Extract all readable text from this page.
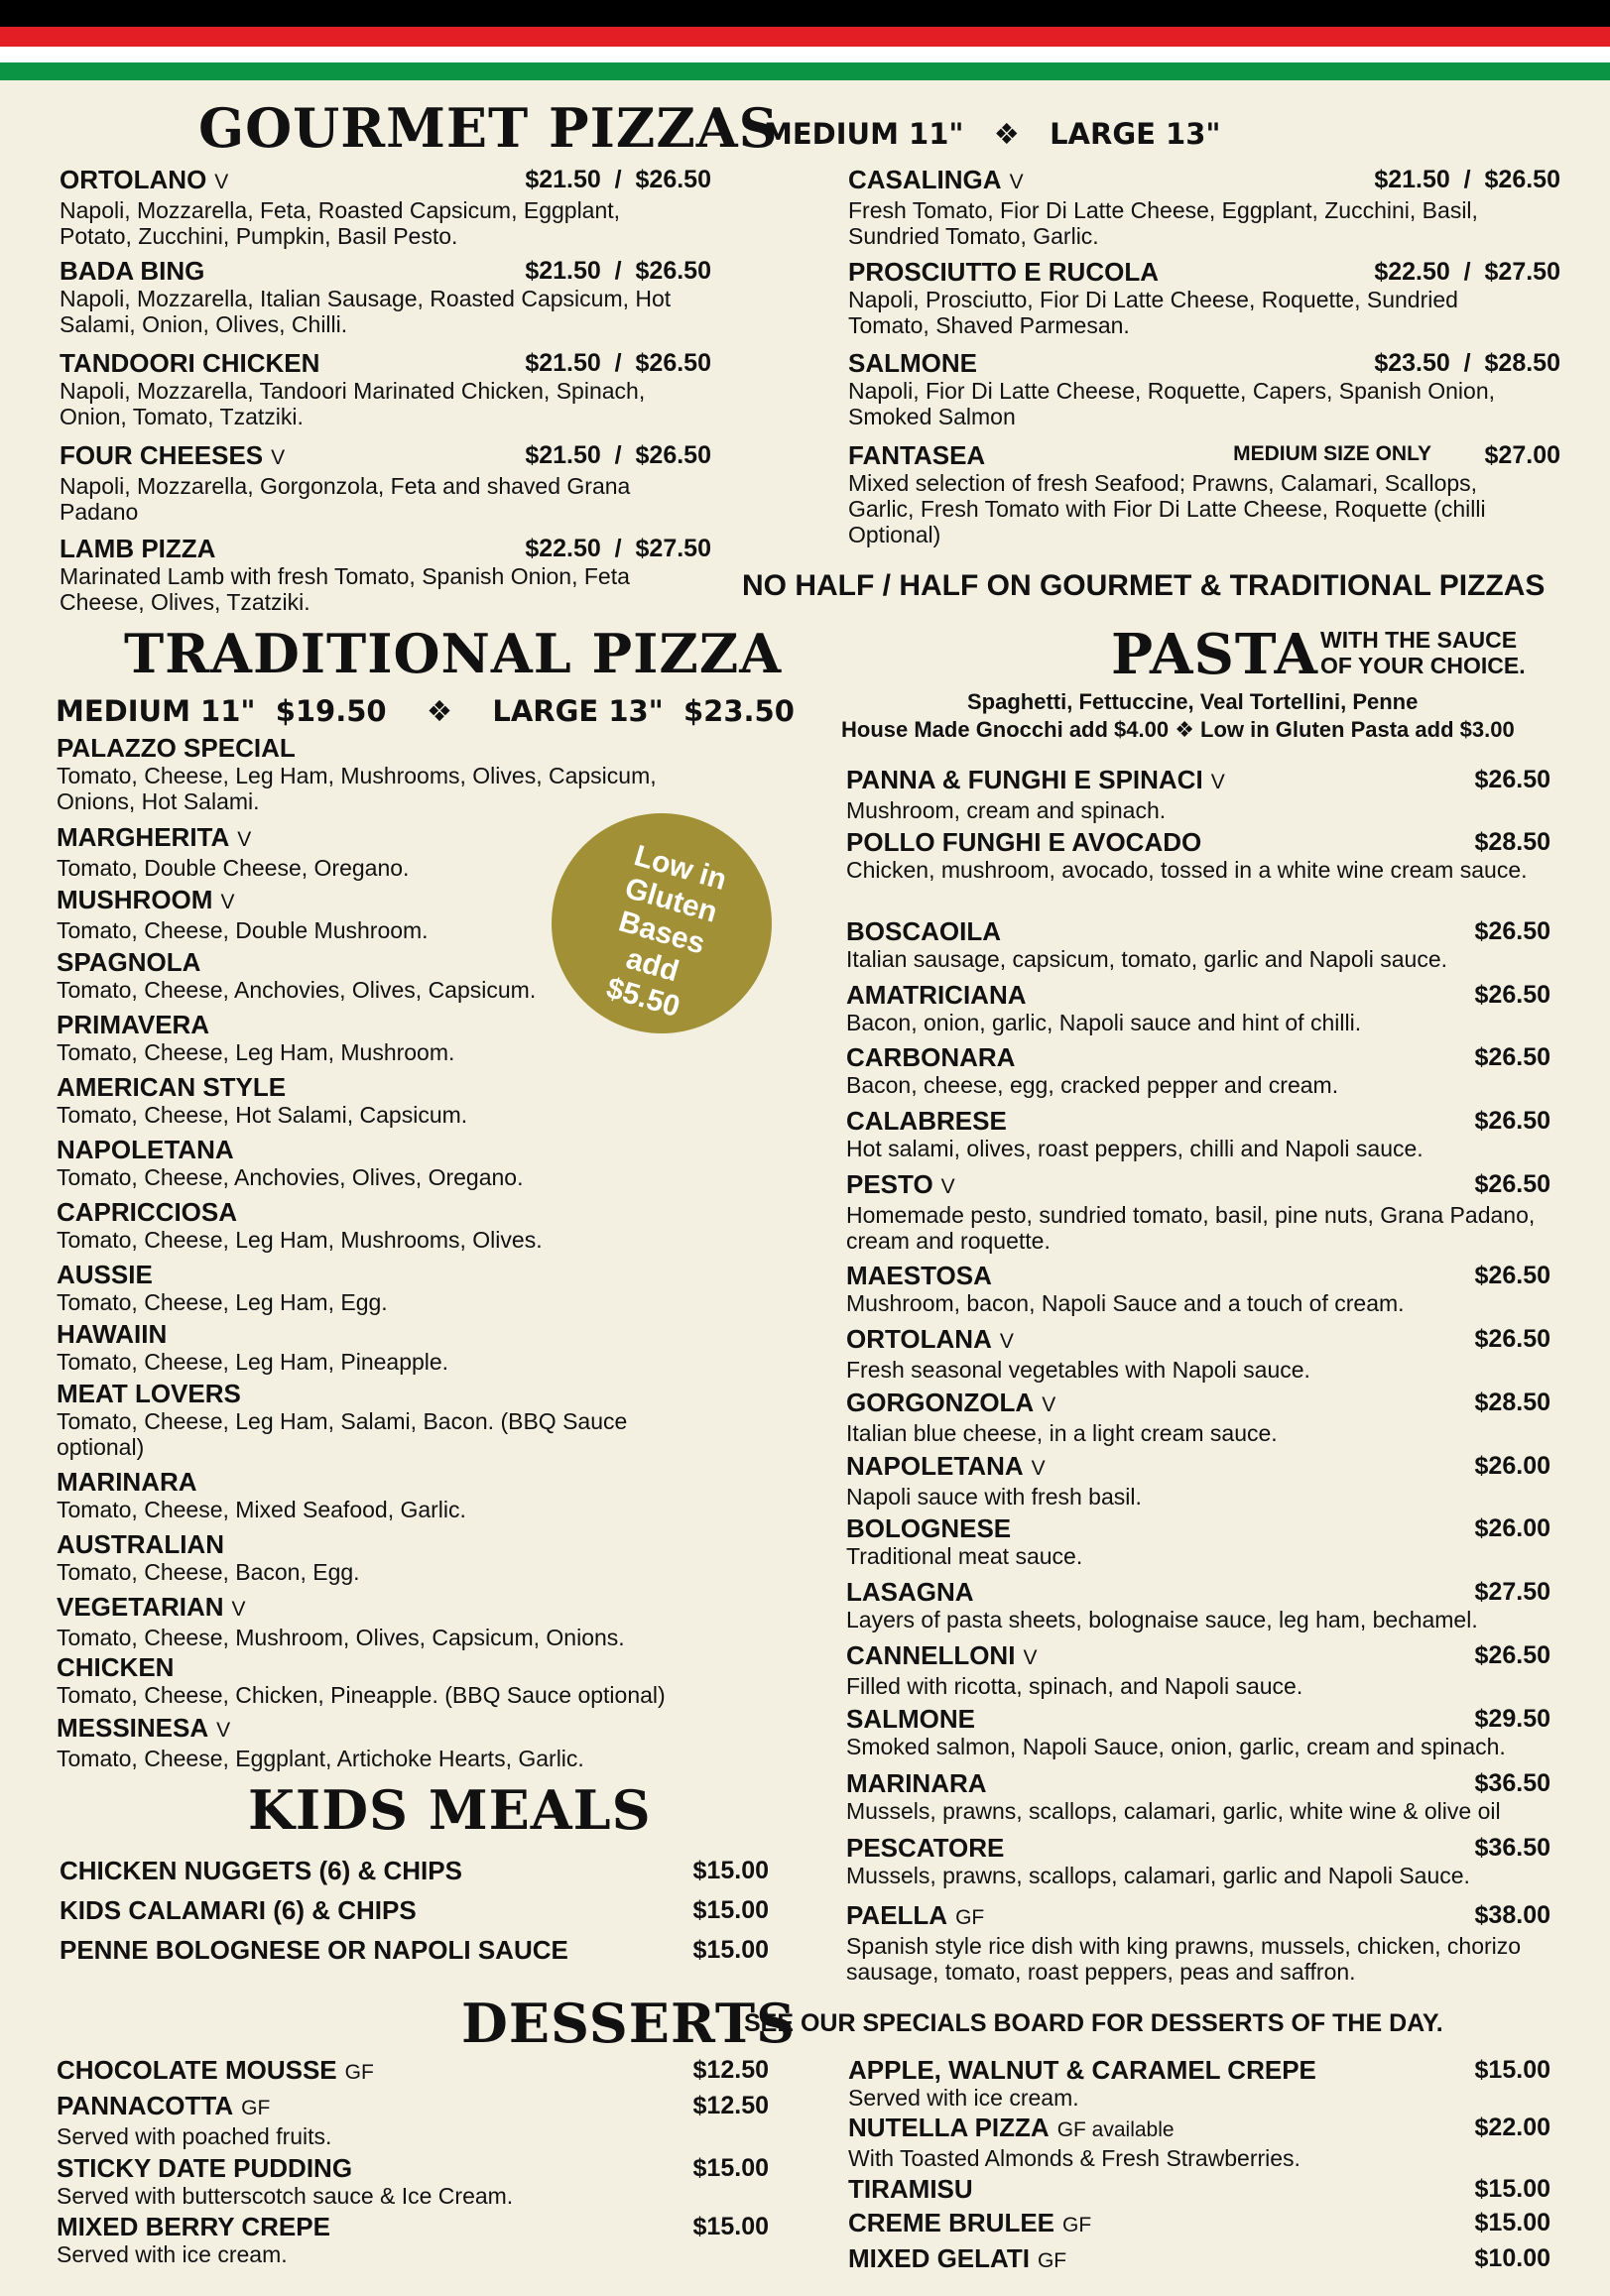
GOURMET PIZZAS
MEDIUM 11"   ❖   LARGE 13"
ORTOLANO V	$21.50  /  $26.50
Napoli, Mozzarella, Feta, Roasted Capsicum, Eggplant, Potato, Zucchini, Pumpkin, Basil Pesto.
BADA BING	$21.50  /  $26.50
Napoli, Mozzarella, Italian Sausage, Roasted Capsicum, Hot Salami, Onion, Olives, Chilli.
TANDOORI CHICKEN	$21.50  /  $26.50
Napoli, Mozzarella, Tandoori Marinated Chicken, Spinach, Onion, Tomato, Tzatziki.
FOUR CHEESES V	$21.50  /  $26.50
Napoli, Mozzarella, Gorgonzola, Feta and shaved Grana Padano
LAMB PIZZA	$22.50  /  $27.50
Marinated Lamb with fresh Tomato, Spanish Onion, Feta Cheese, Olives, Tzatziki.
CASALINGA V	$21.50  /  $26.50
Fresh Tomato, Fior Di Latte Cheese, Eggplant, Zucchini, Basil, Sundried Tomato, Garlic.
PROSCIUTTO E RUCOLA	$22.50  /  $27.50
Napoli, Prosciutto, Fior Di Latte Cheese, Roquette, Sundried Tomato, Shaved Parmesan.
SALMONE	$23.50  /  $28.50
Napoli, Fior Di Latte Cheese, Roquette, Capers, Spanish Onion, Smoked Salmon
FANTASEA	MEDIUM SIZE ONLY $27.00
Mixed selection of fresh Seafood; Prawns, Calamari, Scallops, Garlic, Fresh Tomato with Fior Di Latte Cheese, Roquette (chilli Optional)
NO HALF / HALF ON GOURMET & TRADITIONAL PIZZAS
TRADITIONAL PIZZA
MEDIUM 11"  $19.50    ❖    LARGE 13"  $23.50
Low in
Gluten
Bases
add
$5.50
PALAZZO SPECIAL
Tomato, Cheese, Leg Ham, Mushrooms, Olives, Capsicum, Onions, Hot Salami.
MARGHERITA V
Tomato, Double Cheese, Oregano.
MUSHROOM V
Tomato, Cheese, Double Mushroom.
SPAGNOLA
Tomato, Cheese, Anchovies, Olives, Capsicum.
PRIMAVERA
Tomato, Cheese, Leg Ham, Mushroom.
AMERICAN STYLE
Tomato, Cheese, Hot Salami, Capsicum.
NAPOLETANA
Tomato, Cheese, Anchovies, Olives, Oregano.
CAPRICCIOSA
Tomato, Cheese, Leg Ham, Mushrooms, Olives.
AUSSIE
Tomato, Cheese, Leg Ham, Egg.
HAWAIIN
Tomato, Cheese, Leg Ham, Pineapple.
MEAT LOVERS
Tomato, Cheese, Leg Ham, Salami, Bacon. (BBQ Sauce optional)
MARINARA
Tomato, Cheese, Mixed Seafood, Garlic.
AUSTRALIAN
Tomato, Cheese, Bacon, Egg.
VEGETARIAN V
Tomato, Cheese, Mushroom, Olives, Capsicum, Onions.
CHICKEN
Tomato, Cheese, Chicken, Pineapple. (BBQ Sauce optional)
MESSINESA V
Tomato, Cheese, Eggplant, Artichoke Hearts, Garlic.
KIDS MEALS
CHICKEN NUGGETS (6) & CHIPS	$15.00
KIDS CALAMARI (6) & CHIPS	$15.00
PENNE BOLOGNESE OR NAPOLI SAUCE	$15.00
PASTA WITH THE SAUCE
OF YOUR CHOICE.
Spaghetti, Fettuccine, Veal Tortellini, Penne
House Made Gnocchi add $4.00 ❖ Low in Gluten Pasta add $3.00
PANNA & FUNGHI E SPINACI V	$26.50
Mushroom, cream and spinach.
POLLO FUNGHI E AVOCADO	$28.50
Chicken, mushroom, avocado, tossed in a white wine cream sauce.
BOSCAOILA	$26.50
Italian sausage, capsicum, tomato, garlic and Napoli sauce.
AMATRICIANA	$26.50
Bacon, onion, garlic, Napoli sauce and hint of chilli.
CARBONARA	$26.50
Bacon, cheese, egg, cracked pepper and cream.
CALABRESE	$26.50
Hot salami, olives, roast peppers, chilli and Napoli sauce.
PESTO V	$26.50
Homemade pesto, sundried tomato, basil, pine nuts, Grana Padano, cream and roquette.
MAESTOSA	$26.50
Mushroom, bacon, Napoli Sauce and a touch of cream.
ORTOLANA V	$26.50
Fresh seasonal vegetables with Napoli sauce.
GORGONZOLA V	$28.50
Italian blue cheese, in a light cream sauce.
NAPOLETANA V	$26.00
Napoli sauce with fresh basil.
BOLOGNESE	$26.00
Traditional meat sauce.
LASAGNA	$27.50
Layers of pasta sheets, bolognaise sauce, leg ham, bechamel.
CANNELLONI V	$26.50
Filled with ricotta, spinach, and Napoli sauce.
SALMONE	$29.50
Smoked salmon, Napoli Sauce, onion, garlic, cream and spinach.
MARINARA	$36.50
Mussels, prawns, scallops, calamari, garlic, white wine & olive oil
PESCATORE	$36.50
Mussels, prawns, scallops, calamari, garlic and Napoli Sauce.
PAELLA GF	$38.00
Spanish style rice dish with king prawns, mussels, chicken, chorizo sausage, tomato, roast peppers, peas and saffron.
DESSERTS
SEE OUR SPECIALS BOARD FOR DESSERTS OF THE DAY.
CHOCOLATE MOUSSE GF	$12.50
PANNACOTTA GF	$12.50
Served with poached fruits.
STICKY DATE PUDDING	$15.00
Served with butterscotch sauce & Ice Cream.
MIXED BERRY CREPE	$15.00
Served with ice cream.
APPLE, WALNUT & CARAMEL CREPE	$15.00
Served with ice cream.
NUTELLA PIZZA GF available	$22.00
With Toasted Almonds & Fresh Strawberries.
TIRAMISU	$15.00
CREME BRULEE GF	$15.00
MIXED GELATI GF	$10.00
